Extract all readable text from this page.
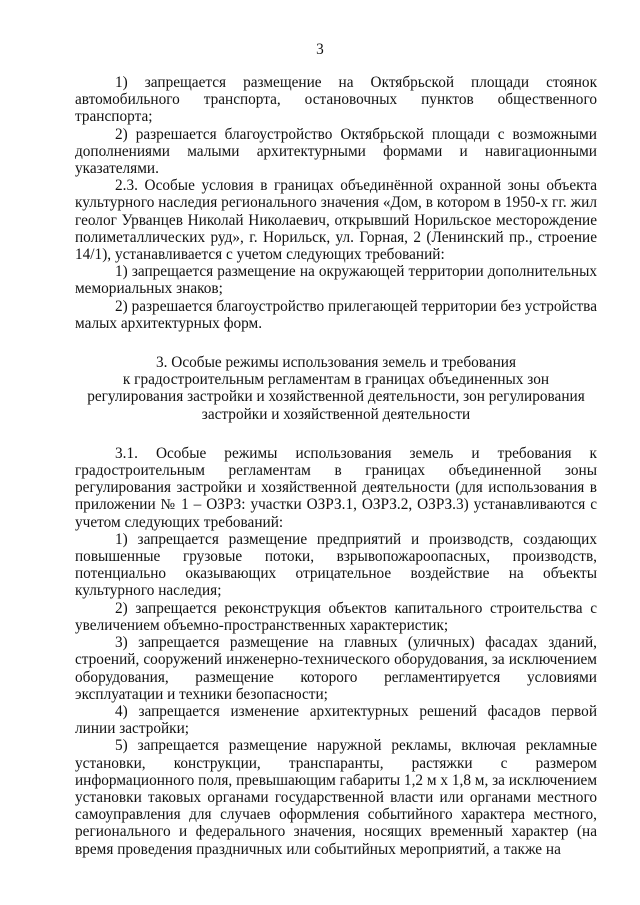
3

1) запрещается размещение на Октябрьской площади стоянок автомобильного транспорта, остановочных пунктов общественного транспорта;

2) разрешается благоустройство Октябрьской площади с возможными дополнениями малыми архитектурными формами и навигационными указателями.

2.3. Особые условия в границах объединённой охранной зоны объекта культурного наследия регионального значения «Дом, в котором в 1950-х гг. жил геолог Урванцев Николай Николаевич, открывший Норильское месторождение полиметаллических руд», г. Норильск, ул. Горная, 2 (Ленинский пр., строение 14/1), устанавливается с учетом следующих требований:

1) запрещается размещение на окружающей территории дополнительных мемориальных знаков;

2) разрешается благоустройство прилегающей территории без устройства малых архитектурных форм.

3. Особые режимы использования земель и требования
к градостроительным регламентам в границах объединенных зон
регулирования застройки и хозяйственной деятельности, зон регулирования
застройки и хозяйственной деятельности

3.1. Особые режимы использования земель и требования к градостроительным регламентам в границах объединенной зоны регулирования застройки и хозяйственной деятельности (для использования в приложении № 1 – ОЗРЗ: участки ОЗРЗ.1, ОЗРЗ.2, ОЗРЗ.3) устанавливаются с учетом следующих требований:

1) запрещается размещение предприятий и производств, создающих повышенные грузовые потоки, взрывопожароопасных, производств, потенциально оказывающих отрицательное воздействие на объекты культурного наследия;

2) запрещается реконструкция объектов капитального строительства с увеличением объемно-пространственных характеристик;

3) запрещается размещение на главных (уличных) фасадах зданий, строений, сооружений инженерно-технического оборудования, за исключением оборудования, размещение которого регламентируется условиями эксплуатации и техники безопасности;

4) запрещается изменение архитектурных решений фасадов первой линии застройки;

5) запрещается размещение наружной рекламы, включая рекламные установки, конструкции, транспаранты, растяжки с размером информационного поля, превышающим габариты 1,2 м х 1,8 м, за исключением установки таковых органами государственной власти или органами местного самоуправления для случаев оформления событийного характера местного, регионального и федерального значения, носящих временный характер (на время проведения праздничных или событийных мероприятий, а также на
